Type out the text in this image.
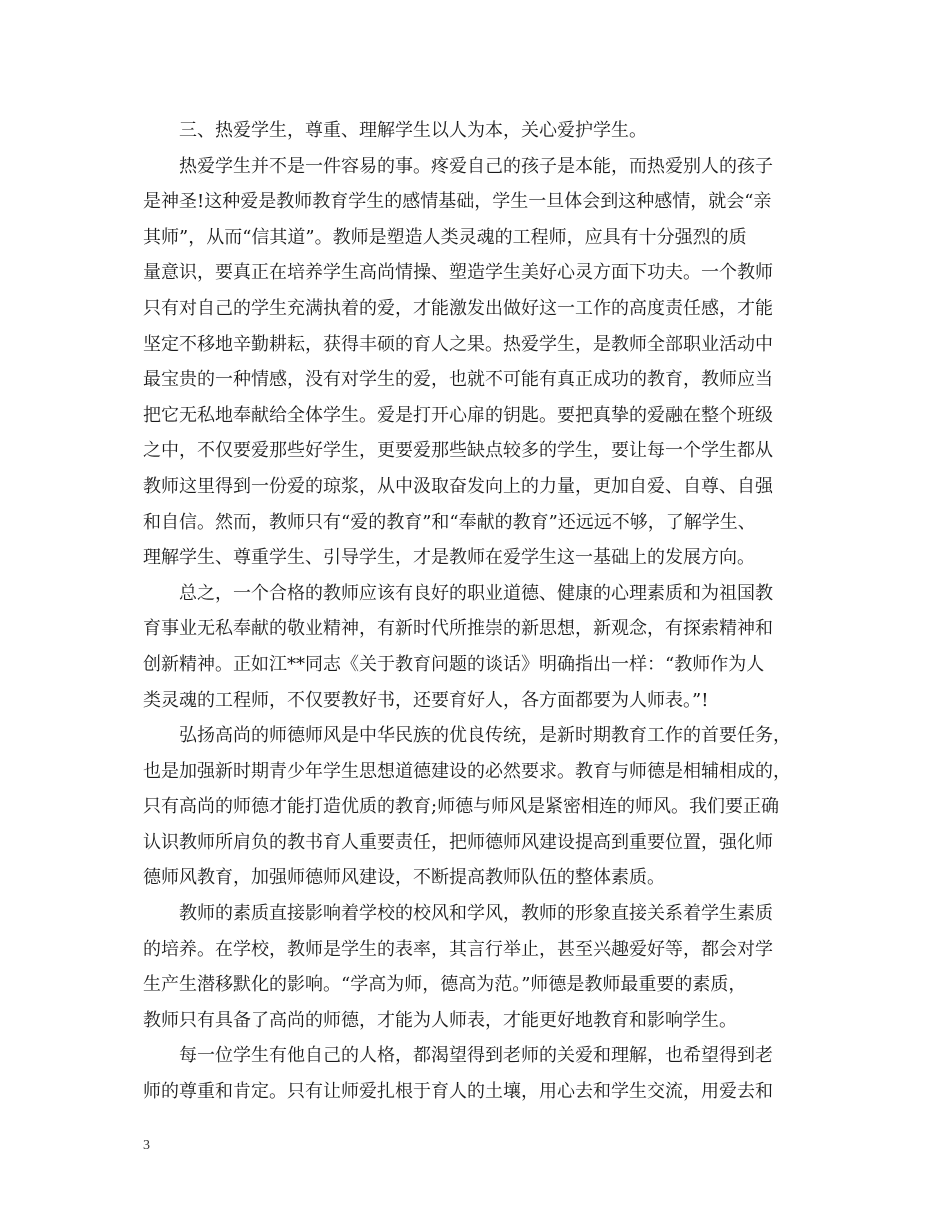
三、热爱学生，尊重、理解学生以人为本，关心爱护学生。
热爱学生并不是一件容易的事。疼爱自己的孩子是本能，而热爱别人的孩子
是神圣!这种爱是教师教育学生的感情基础，学生一旦体会到这种感情，就会“亲
其师”，从而“信其道”。教师是塑造人类灵魂的工程师，应具有十分强烈的质
量意识，要真正在培养学生高尚情操、塑造学生美好心灵方面下功夫。一个教师
只有对自己的学生充满执着的爱，才能激发出做好这一工作的高度责任感，才能
坚定不移地辛勤耕耘，获得丰硕的育人之果。热爱学生，是教师全部职业活动中
最宝贵的一种情感，没有对学生的爱，也就不可能有真正成功的教育，教师应当
把它无私地奉献给全体学生。爱是打开心扉的钥匙。要把真挚的爱融在整个班级
之中，不仅要爱那些好学生，更要爱那些缺点较多的学生，要让每一个学生都从
教师这里得到一份爱的琼浆，从中汲取奋发向上的力量，更加自爱、自尊、自强
和自信。然而，教师只有“爱的教育”和“奉献的教育”还远远不够，了解学生、
理解学生、尊重学生、引导学生，才是教师在爱学生这一基础上的发展方向。
总之，一个合格的教师应该有良好的职业道德、健康的心理素质和为祖国教
育事业无私奉献的敬业精神，有新时代所推崇的新思想，新观念，有探索精神和
创新精神。正如江**同志《关于教育问题的谈话》明确指出一样：“教师作为人
类灵魂的工程师，不仅要教好书，还要育好人，各方面都要为人师表。”!
弘扬高尚的师德师风是中华民族的优良传统，是新时期教育工作的首要任务，
也是加强新时期青少年学生思想道德建设的必然要求。教育与师德是相辅相成的，
只有高尚的师德才能打造优质的教育;师德与师风是紧密相连的师风。我们要正确
认识教师所肩负的教书育人重要责任，把师德师风建设提高到重要位置，强化师
德师风教育，加强师德师风建设，不断提高教师队伍的整体素质。
教师的素质直接影响着学校的校风和学风，教师的形象直接关系着学生素质
的培养。在学校，教师是学生的表率，其言行举止，甚至兴趣爱好等，都会对学
生产生潜移默化的影响。“学高为师，德高为范。”师德是教师最重要的素质，
教师只有具备了高尚的师德，才能为人师表，才能更好地教育和影响学生。
每一位学生有他自己的人格，都渴望得到老师的关爱和理解，也希望得到老
师的尊重和肯定。只有让师爱扎根于育人的土壤，用心去和学生交流，用爱去和
3
